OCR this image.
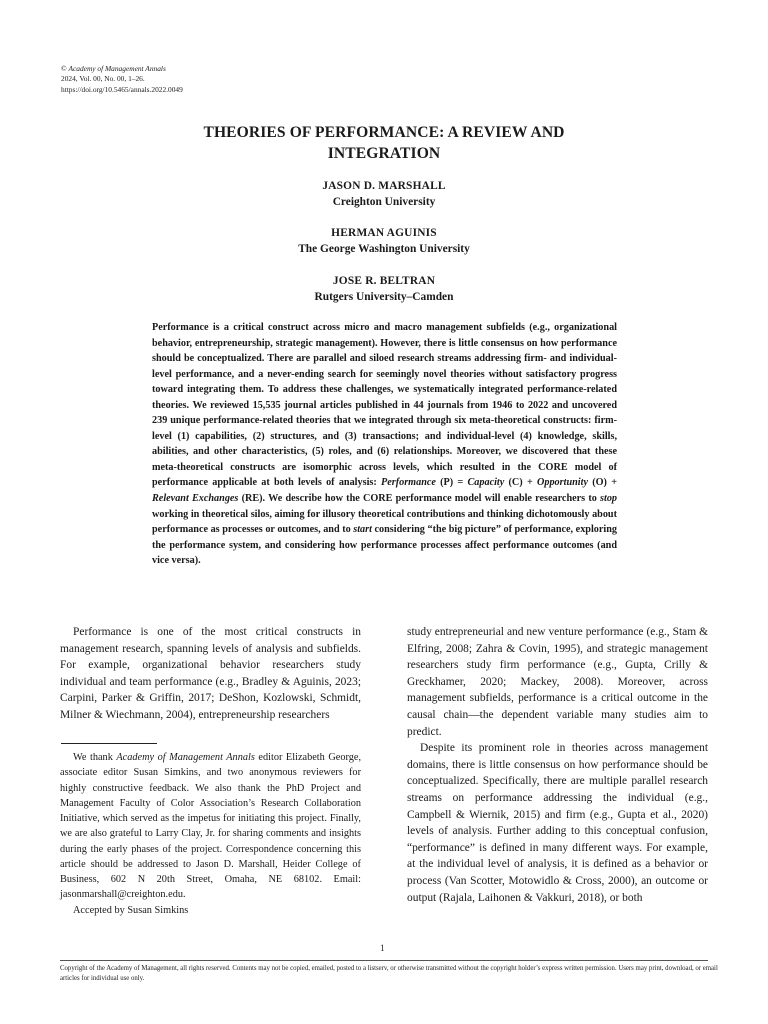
© Academy of Management Annals
2024, Vol. 00, No. 00, 1–26.
https://doi.org/10.5465/annals.2022.0049
THEORIES OF PERFORMANCE: A REVIEW AND
INTEGRATION
JASON D. MARSHALL
Creighton University
HERMAN AGUINIS
The George Washington University
JOSE R. BELTRAN
Rutgers University–Camden
Performance is a critical construct across micro and macro management subfields (e.g., organizational behavior, entrepreneurship, strategic management). However, there is little consensus on how performance should be conceptualized. There are parallel and siloed research streams addressing firm- and individual-level performance, and a never-ending search for seemingly novel theories without satisfactory progress toward integrating them. To address these challenges, we systematically integrated performance-related theories. We reviewed 15,535 journal articles published in 44 journals from 1946 to 2022 and uncovered 239 unique performance-related theories that we integrated through six meta-theoretical constructs: firm-level (1) capabilities, (2) structures, and (3) transactions; and individual-level (4) knowledge, skills, abilities, and other characteristics, (5) roles, and (6) relationships. Moreover, we discovered that these meta-theoretical constructs are isomorphic across levels, which resulted in the CORE model of performance applicable at both levels of analysis: Performance (P) = Capacity (C) + Opportunity (O) + Relevant Exchanges (RE). We describe how the CORE performance model will enable researchers to stop working in theoretical silos, aiming for illusory theoretical contributions and thinking dichotomously about performance as processes or outcomes, and to start considering “the big picture” of performance, exploring the performance system, and considering how performance processes affect performance outcomes (and vice versa).

Performance is one of the most critical constructs in management research, spanning levels of analysis and subfields. For example, organizational behavior researchers study individual and team performance (e.g., Bradley & Aguinis, 2023; Carpini, Parker & Griffin, 2017; DeShon, Kozlowski, Schmidt, Milner & Wiechmann, 2004), entrepreneurship researchers

We thank Academy of Management Annals editor Elizabeth George, associate editor Susan Simkins, and two anonymous reviewers for highly constructive feedback. We also thank the PhD Project and Management Faculty of Color Association’s Research Collaboration Initiative, which served as the impetus for initiating this project. Finally, we are also grateful to Larry Clay, Jr. for sharing comments and insights during the early phases of the project. Correspondence concerning this article should be addressed to Jason D. Marshall, Heider College of Business, 602 N 20th Street, Omaha, NE 68102. Email: jasonmarshall@creighton.edu.

Accepted by Susan Simkins

study entrepreneurial and new venture performance (e.g., Stam & Elfring, 2008; Zahra & Covin, 1995), and strategic management researchers study firm performance (e.g., Gupta, Crilly & Greckhamer, 2020; Mackey, 2008). Moreover, across management subfields, performance is a critical outcome in the causal chain—the dependent variable many studies aim to predict.

Despite its prominent role in theories across management domains, there is little consensus on how performance should be conceptualized. Specifically, there are multiple parallel research streams on performance addressing the individual (e.g., Campbell & Wiernik, 2015) and firm (e.g., Gupta et al., 2020) levels of analysis. Further adding to this conceptual confusion, “performance” is defined in many different ways. For example, at the individual level of analysis, it is defined as a behavior or process (Van Scotter, Motowidlo & Cross, 2000), an outcome or output (Rajala, Laihonen & Vakkuri, 2018), or both

1
Copyright of the Academy of Management, all rights reserved. Contents may not be copied, emailed, posted to a listserv, or otherwise transmitted without the copyright holder’s express written permission. Users may print, download, or email articles for individual use only.
